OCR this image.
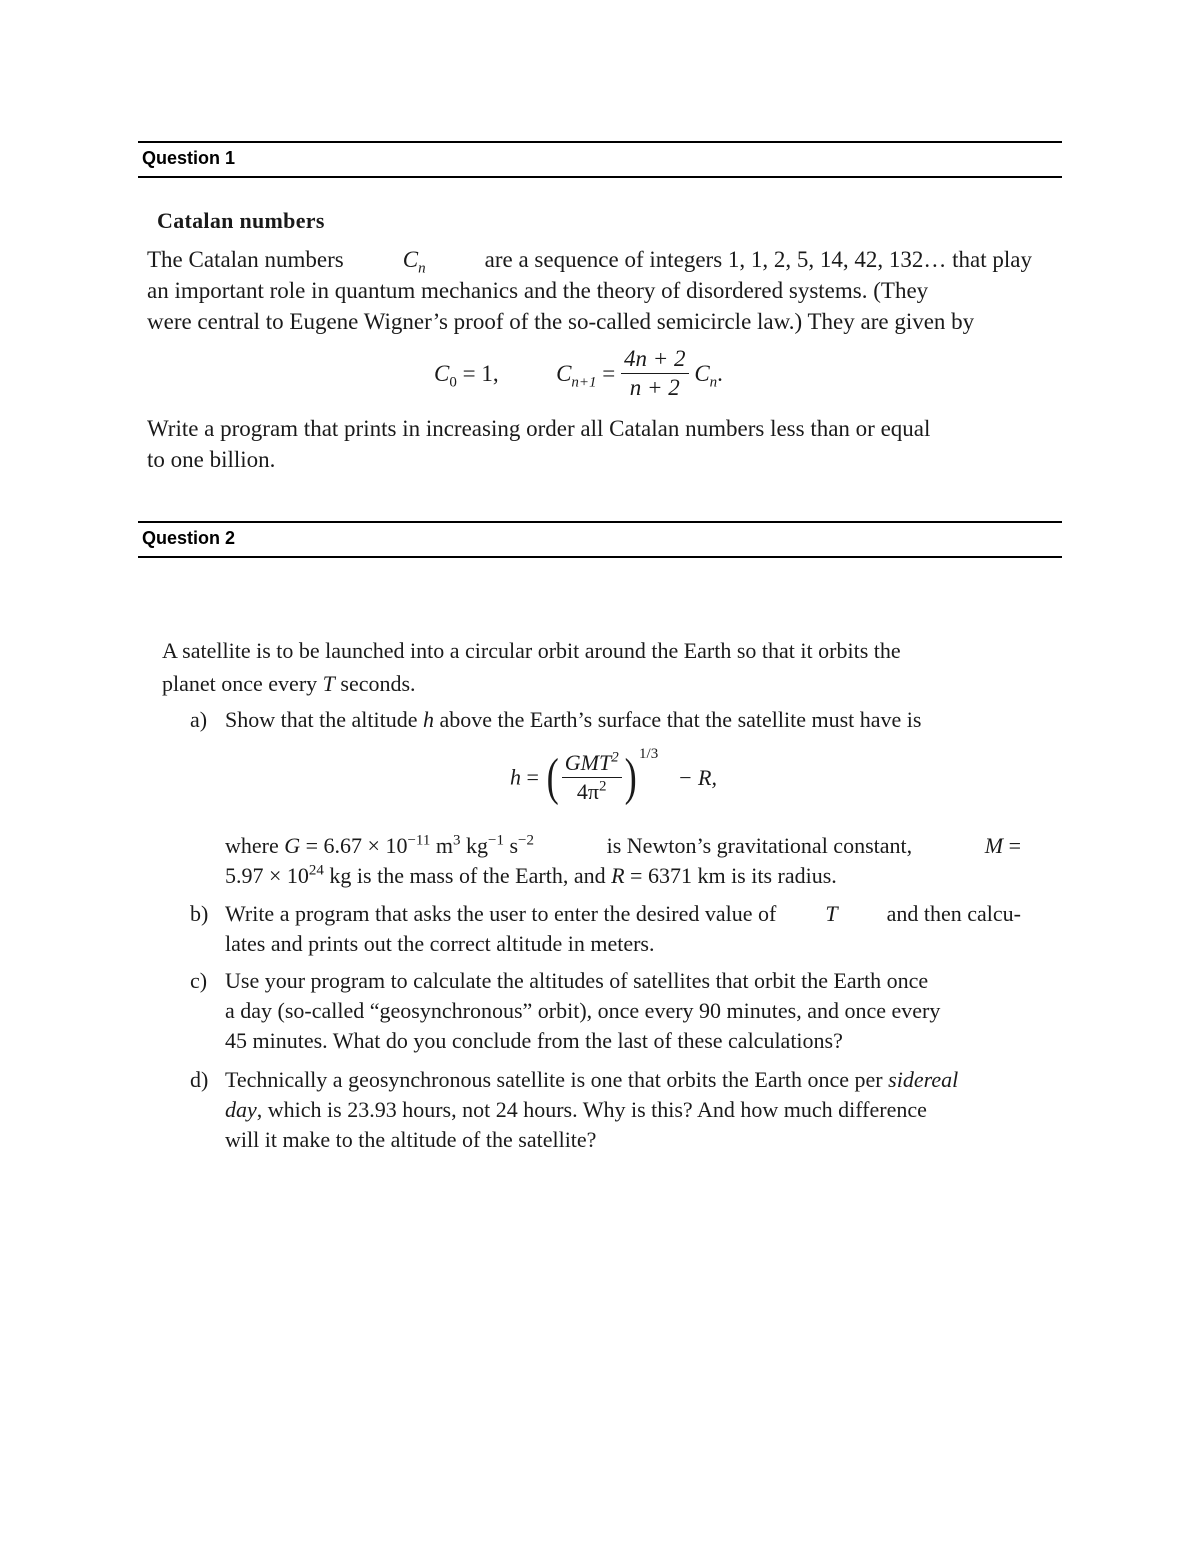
Question 1
Catalan numbers
The Catalan numbers	$C_n$	are a sequence of integers 1, 1, 2, 5, 14, 42, 132… that play
an important role in quantum mechanics and the theory of disordered systems. (They
were central to Eugene Wigner’s proof of the so-called semicircle law.) They are given by
$C_0 = 1$,	$C_{n+1} = \frac{4n + 2}{n + 2} C_n$.
Write a program that prints in increasing order all Catalan numbers less than or equal
to one billion.
Question 2
A satellite is to be launched into a circular orbit around the Earth so that it orbits the
planet once every T seconds.
a) Show that the altitude h above the Earth’s surface that the satellite must have is
h = ( $\frac{GMT^2}{4\pi^2}$ ) 1/3 − R,
where $G = 6.67 \times 10^{-11}$ $m^3$ $kg^{-1}$ $s^{-2}$	is Newton’s gravitational constant,	M =
$5.97 \times 10^{24}$ kg is the mass of the Earth, and R = 6371 km is its radius.
b) Write a program that asks the user to enter the desired value of T and then calcu-
lates and prints out the correct altitude in meters.
c) Use your program to calculate the altitudes of satellites that orbit the Earth once
a day (so-called “geosynchronous” orbit), once every 90 minutes, and once every
45 minutes. What do you conclude from the last of these calculations?
d) Technically a geosynchronous satellite is one that orbits the Earth once per sidereal
day, which is 23.93 hours, not 24 hours. Why is this? And how much difference
will it make to the altitude of the satellite?
